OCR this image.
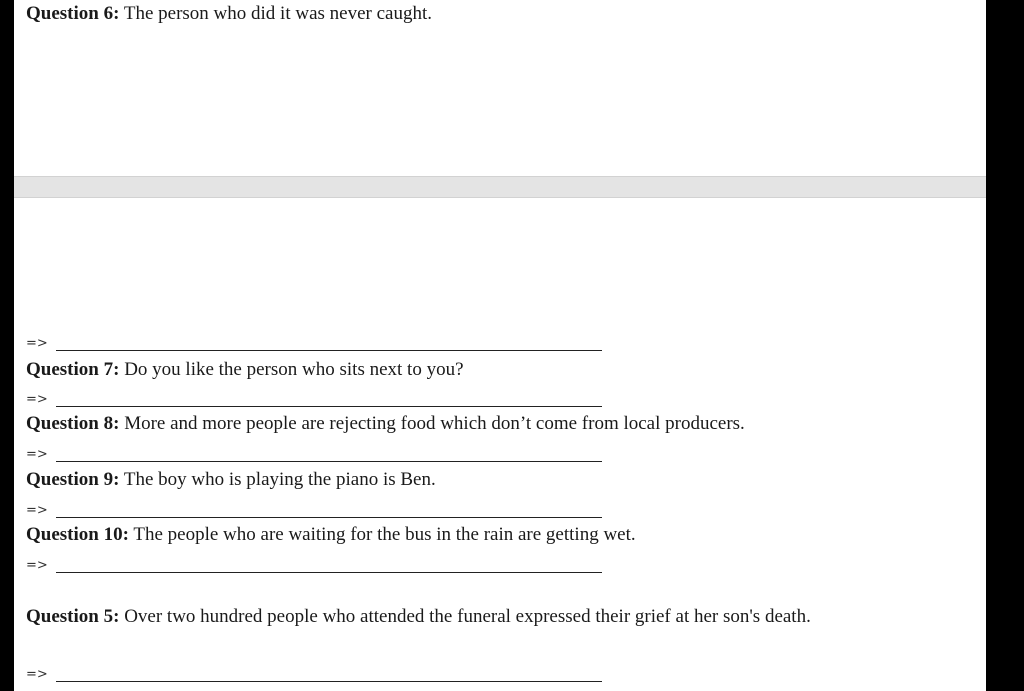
Question 6: The person who did it was never caught.
=>
Question 7: Do you like the person who sits next to you?
=>
Question 8: More and more people are rejecting food which don’t come from local producers.
=>
Question 9: The boy who is playing the piano is Ben.
=>
Question 10: The people who are waiting for the bus in the rain are getting wet.
=>
Question 5: Over two hundred people who attended the funeral expressed their grief at her son's death.
=>
